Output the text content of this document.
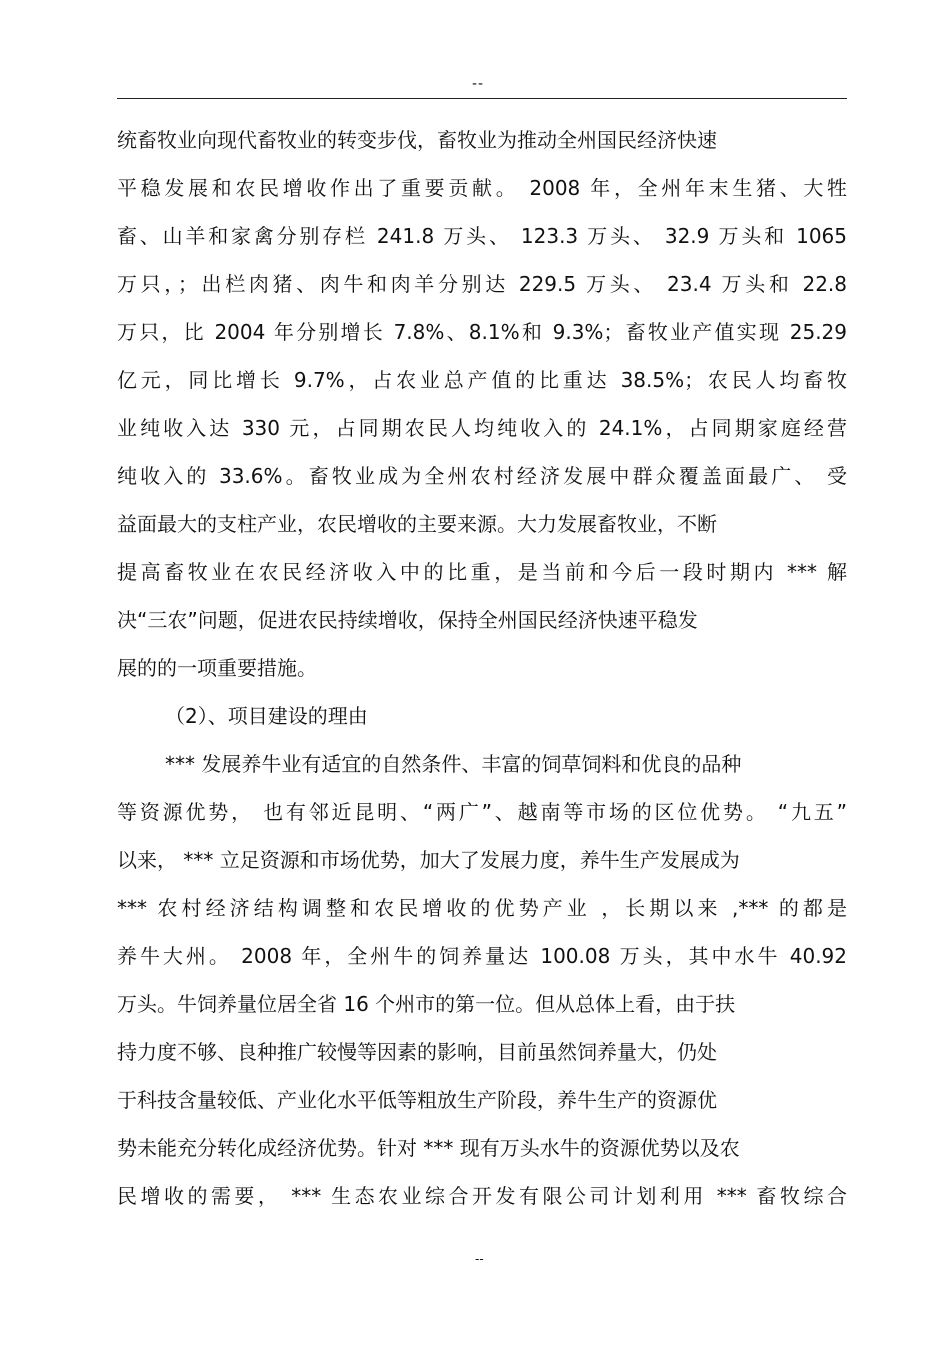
--
统畜牧业向现代畜牧业的转变步伐，畜牧业为推动全州国民经济快速
平稳发展和农民增收作出了重要贡献。 2008 年，全州年末生猪、大牲
畜、山羊和家禽分别存栏 241.8 万头、 123.3 万头、 32.9 万头和 1065
万只，；出栏肉猪、肉牛和肉羊分别达 229.5 万头、 23.4 万头和 22.8
万只，比 2004 年分别增长 7.8%、8.1%和 9.3%；畜牧业产值实现 25.29
亿元，同比增长 9.7%，占农业总产值的比重达 38.5%；农民人均畜牧
业纯收入达 330 元，占同期农民人均纯收入的 24.1%，占同期家庭经营
纯收入的 33.6%。畜牧业成为全州农村经济发展中群众覆盖面最广、 受
益面最大的支柱产业，农民增收的主要来源。大力发展畜牧业，不断
提高畜牧业在农民经济收入中的比重，是当前和今后一段时期内 *** 解
决“三农”问题，促进农民持续增收，保持全州国民经济快速平稳发
展的的一项重要措施。
（2）、项目建设的理由
*** 发展养牛业有适宜的自然条件、丰富的饲草饲料和优良的品种
等资源优势， 也有邻近昆明、“两广”、越南等市场的区位优势。 “九五”
以来， *** 立足资源和市场优势，加大了发展力度，养牛生产发展成为
*** 农村经济结构调整和农民增收的优势产业 ，长期以来 ,*** 的都是
养牛大州。 2008 年，全州牛的饲养量达 100.08 万头，其中水牛 40.92
万头。牛饲养量位居全省 16 个州市的第一位。但从总体上看，由于扶
持力度不够、良种推广较慢等因素的影响，目前虽然饲养量大，仍处
于科技含量较低、产业化水平低等粗放生产阶段，养牛生产的资源优
势未能充分转化成经济优势。针对 *** 现有万头水牛的资源优势以及农
民增收的需要， *** 生态农业综合开发有限公司计划利用 *** 畜牧综合
--
